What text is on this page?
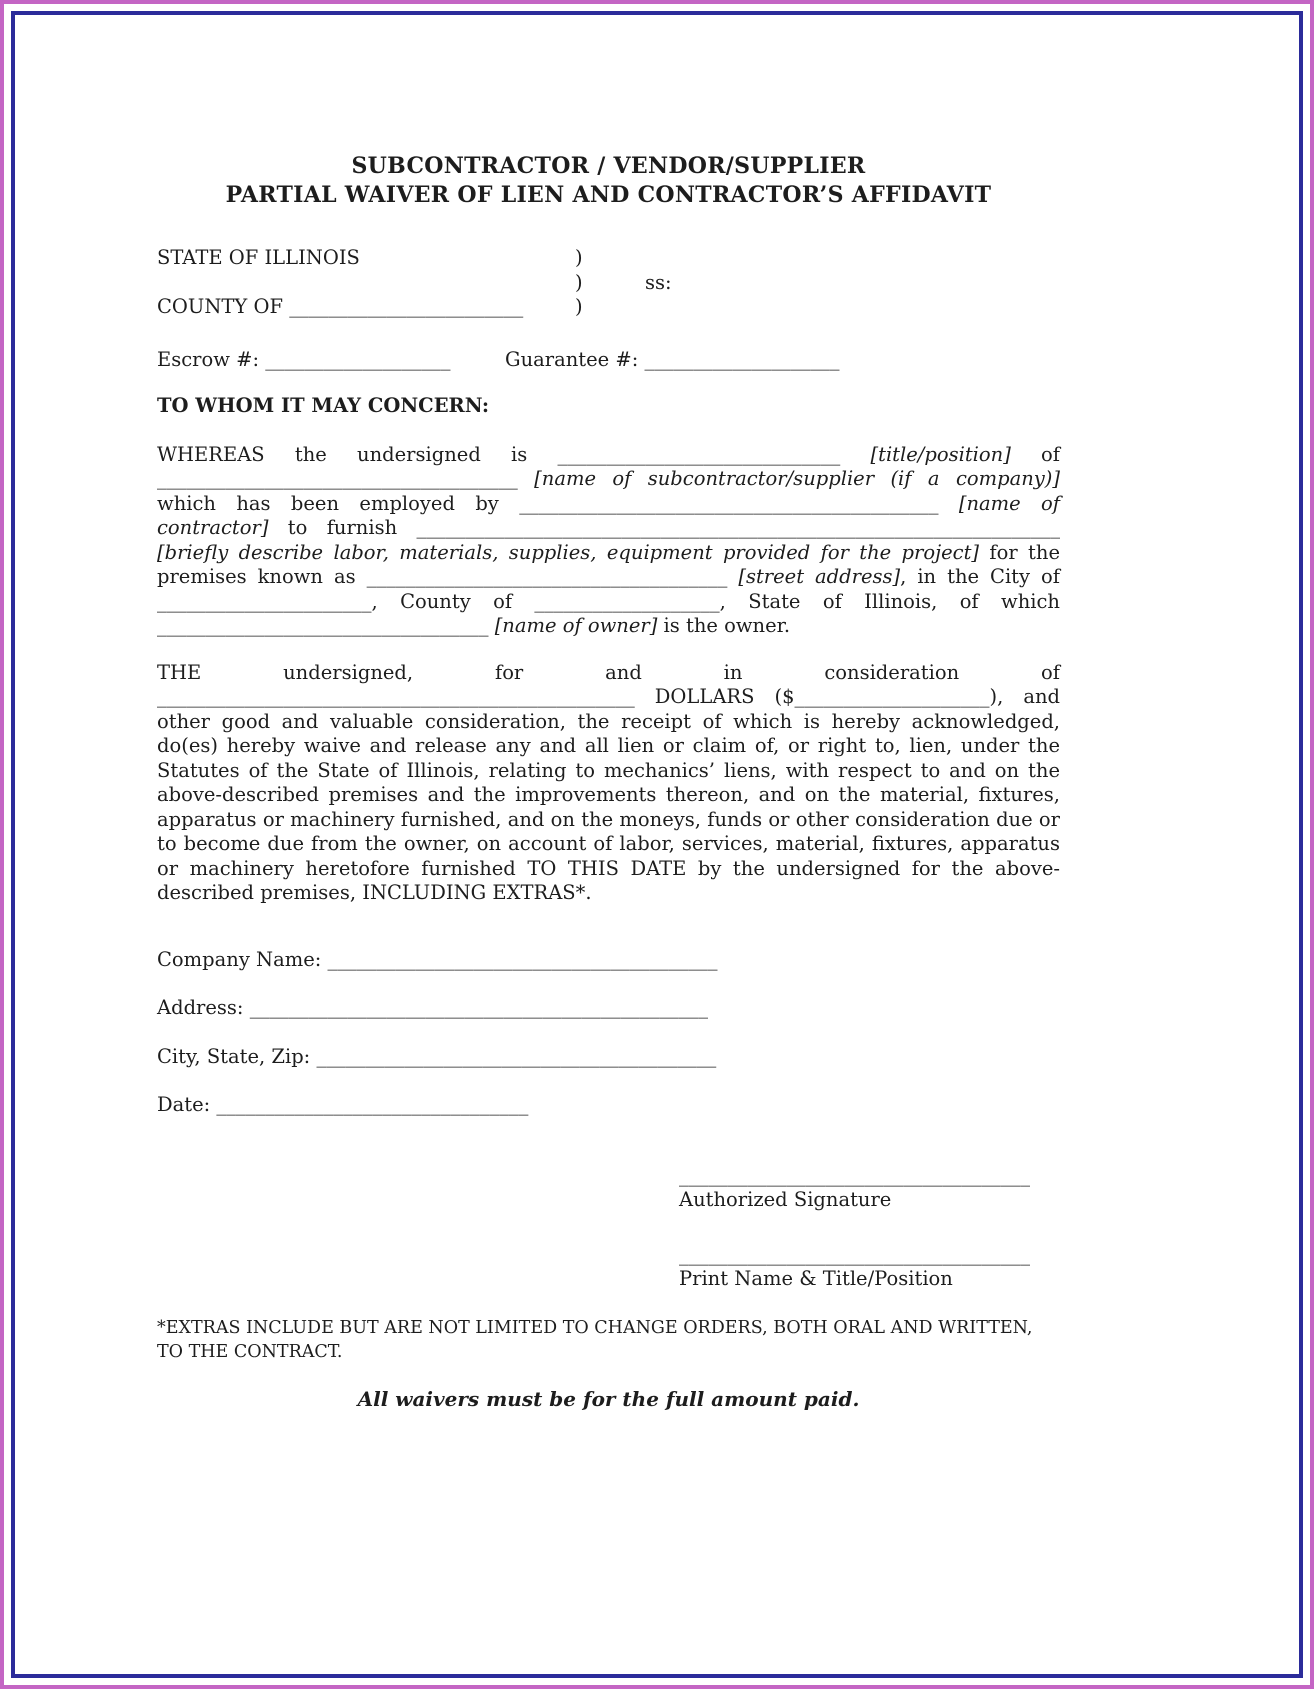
SUBCONTRACTOR / VENDOR/SUPPLIER
PARTIAL WAIVER OF LIEN AND CONTRACTOR’S AFFIDAVIT
STATE OF ILLINOIS	)
)	ss:
COUNTY OF ________________________	)
Escrow #: ___________________	Guarantee #: ____________________
TO WHOM IT MAY CONCERN:

WHEREAS the undersigned is _____________________________ [title/position] of _____________________________________ [name of subcontractor/supplier (if a company)] which has been employed by ___________________________________________ [name of contractor] to furnish __________________________________________________________________ [briefly describe labor, materials, supplies, equipment provided for the project] for the premises known as _____________________________________ [street address], in the City of ______________________, County of ___________________, State of Illinois, of which __________________________________ [name of owner] is the owner.

THE undersigned, for and in consideration of _________________________________________________ DOLLARS ($____________________), and other good and valuable consideration, the receipt of which is hereby acknowledged, do(es) hereby waive and release any and all lien or claim of, or right to, lien, under the Statutes of the State of Illinois, relating to mechanics’ liens, with respect to and on the above-described premises and the improvements thereon, and on the material, fixtures, apparatus or machinery furnished, and on the moneys, funds or other consideration due or to become due from the owner, on account of labor, services, material, fixtures, apparatus or machinery heretofore furnished TO THIS DATE by the undersigned for the above-described premises, INCLUDING EXTRAS*.

Company Name: ________________________________________
Address: _______________________________________________
City, State, Zip: _________________________________________
Date: ________________________________
____________________________________
Authorized Signature
____________________________________
Print Name & Title/Position
*EXTRAS INCLUDE BUT ARE NOT LIMITED TO CHANGE ORDERS, BOTH ORAL AND WRITTEN, TO THE CONTRACT.
All waivers must be for the full amount paid.
